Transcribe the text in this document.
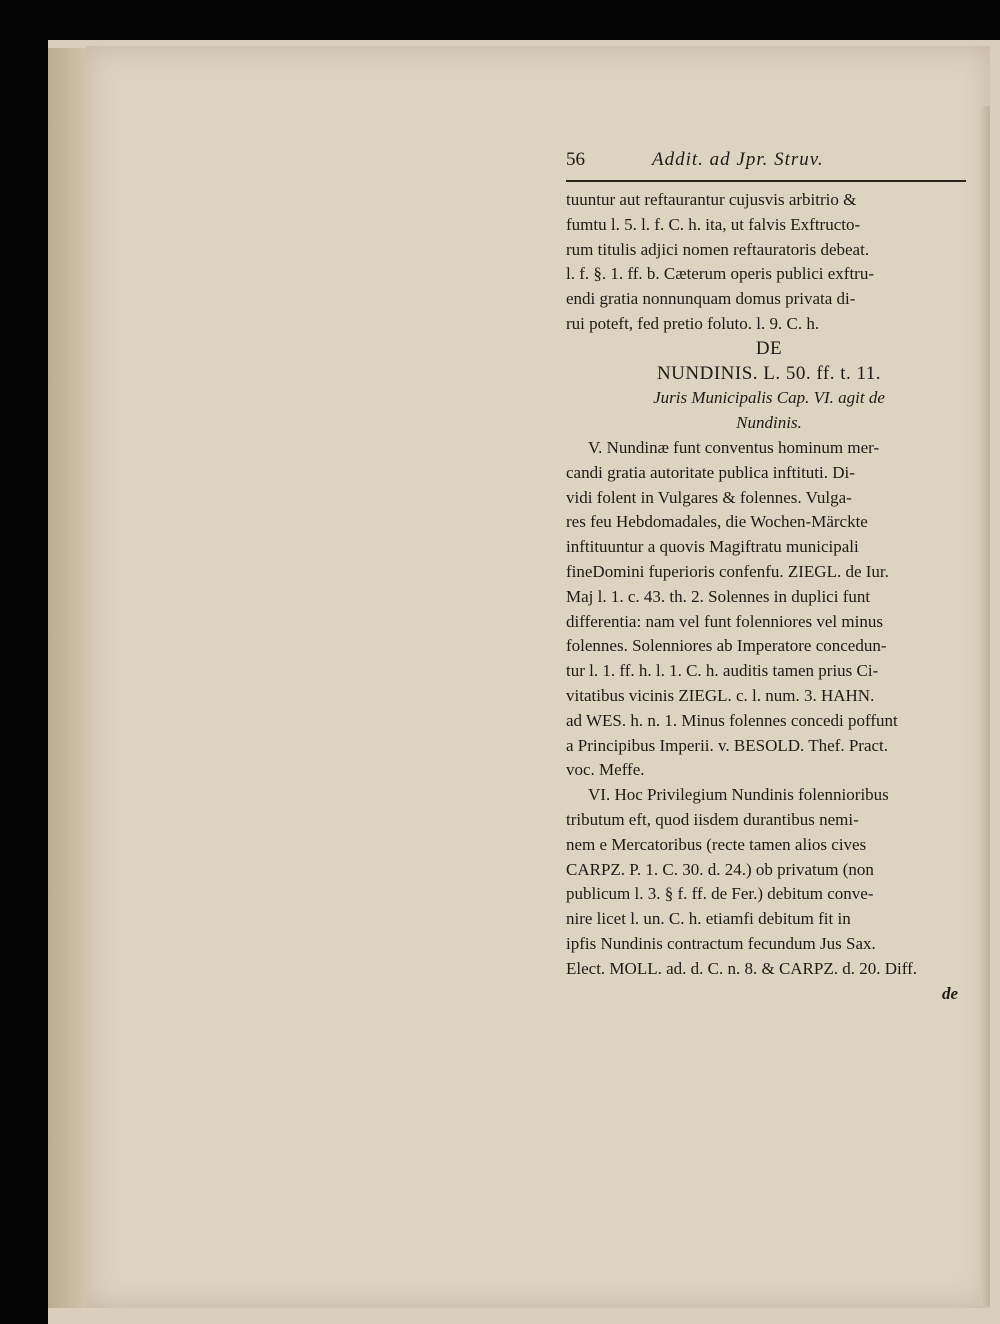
56	Addit. ad Jpr. Struv.
tuuntur aut reftaurantur cujusvis arbitrio &
fumtu l. 5. l. f. C. h. ita, ut falvis Exftructo-
rum titulis adjici nomen reftauratoris debeat.
l. f. §. 1. ff. b. Cæterum operis publici exftru-
endi gratia nonnunquam domus privata di-
rui poteft, fed pretio foluto. l. 9. C. h.
DE
NUNDINIS. L. 50. ff. t. 11.
Juris Municipalis Cap. VI. agit de
Nundinis.
V. Nundinæ funt conventus hominum mer-
candi gratia autoritate publica inftituti. Di-
vidi folent in Vulgares & folennes. Vulga-
res feu Hebdomadales, die Wochen-Märckte
inftituuntur a quovis Magiftratu municipali
fineDomini fuperioris confenfu. ZIEGL. de Iur.
Maj l. 1. c. 43. th. 2. Solennes in duplici funt
differentia: nam vel funt folenniores vel minus
folennes. Solenniores ab Imperatore concedun-
tur l. 1. ff. h. l. 1. C. h. auditis tamen prius Ci-
vitatibus vicinis ZIEGL. c. l. num. 3. HAHN.
ad WES. h. n. 1. Minus folennes concedi poffunt
a Principibus Imperii. v. BESOLD. Thef. Pract.
voc. Meffe.
VI. Hoc Privilegium Nundinis folennioribus
tributum eft, quod iisdem durantibus nemi-
nem e Mercatoribus (recte tamen alios cives
CARPZ. P. 1. C. 30. d. 24.) ob privatum (non
publicum l. 3. § f. ff. de Fer.) debitum conve-
nire licet l. un. C. h. etiamfi debitum fit in
ipfis Nundinis contractum fecundum Jus Sax.
Elect. MOLL. ad. d. C. n. 8. & CARPZ. d. 20. Diff.
de
